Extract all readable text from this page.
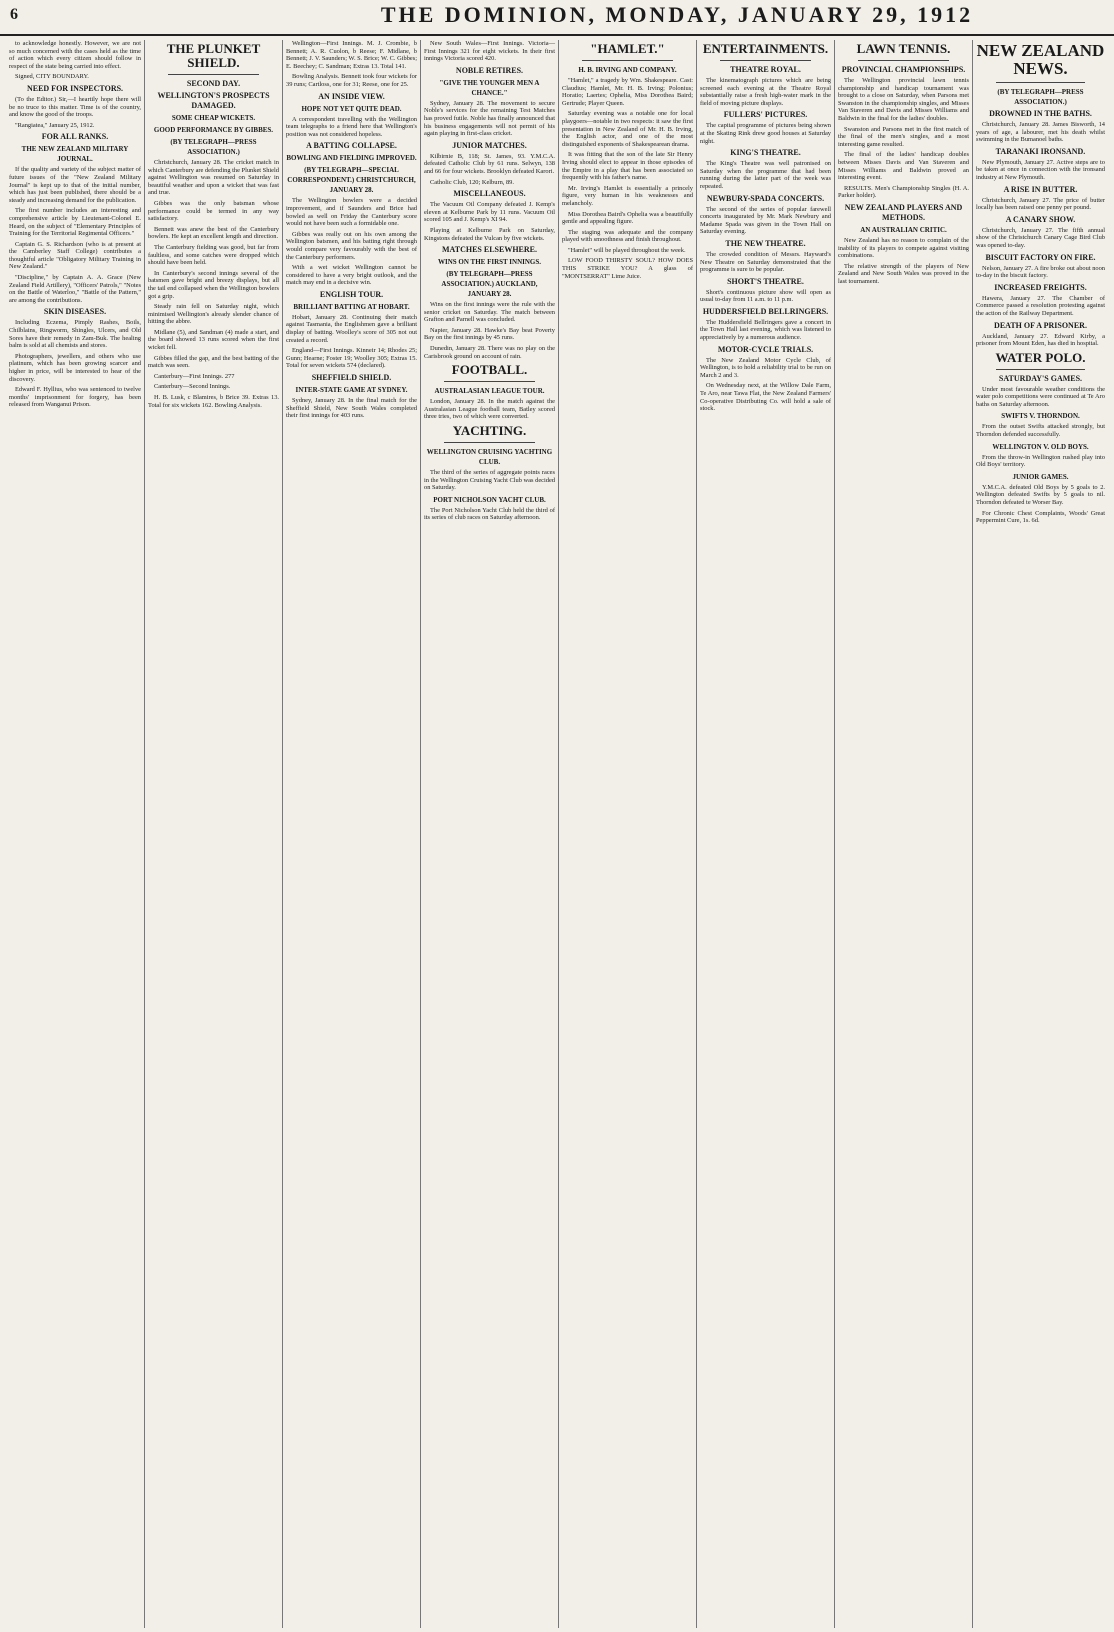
6	THE DOMINION, MONDAY, JANUARY 29, 1912

to acknowledge honestly. However, we are not so much concerned with the cases held as the time of action which every citizen should follow in respect of the state being carried into effect.

Signed, CITY BOUNDARY.

NEED FOR INSPECTORS.

(To the Editor.) Sir,—I heartily hope there will be no truce to this matter. Time is of the country, and know the good of the troops.

"Rangiatea," January 25, 1912.

FOR ALL RANKS.
THE NEW ZEALAND MILITARY JOURNAL.

If the quality and variety of the subject matter of future issues of the "New Zealand Military Journal" is kept up to that of the initial number, which has just been published, there should be a steady and increasing demand for the publication.

The first number includes an interesting and comprehensive article by Lieutenant-Colonel E. Heard, on the subject of "Elementary Principles of Training for the Territorial Regimental Officers."

Captain G. S. Richardson (who is at present at the Camberley Staff College) contributes a thoughtful article "Obligatory Military Training in New Zealand."

"Discipline," by Captain A. A. Grace (New Zealand Field Artillery), "Officers' Patrols," "Notes on the Battle of Waterloo," "Battle of the Pattern," are among the contributions.

SKIN DISEASES.

Including Eczema, Pimply Rashes, Boils, Chilblains, Ringworm, Shingles, Ulcers, and Old Sores have their remedy in Zam-Buk. The healing balm is sold at all chemists and stores.

Photographers, jewellers, and others who use platinum, which has been growing scarcer and higher in price, will be interested to hear of the discovery.

Edward F. Hyllius, who was sentenced to twelve months' imprisonment for forgery, has been released from Wanganui Prison.

THE PLUNKET SHIELD.
SECOND DAY.
WELLINGTON'S PROSPECTS DAMAGED.
SOME CHEAP WICKETS.
GOOD PERFORMANCE BY GIBBES.
(BY TELEGRAPH—PRESS ASSOCIATION.)

Christchurch, January 28. The cricket match in which Canterbury are defending the Plunket Shield against Wellington was resumed on Saturday in beautiful weather and upon a wicket that was fast and true.

Gibbes was the only batsman whose performance could be termed in any way satisfactory.

Bennett was anew the best of the Canterbury bowlers. He kept an excellent length and direction.

The Canterbury fielding was good, but far from faultless, and some catches were dropped which should have been held.

In Canterbury's second innings several of the batsmen gave bright and breezy displays, but all the tail end collapsed when the Wellington bowlers got a grip.

Steady rain fell on Saturday night, which minimised Wellington's already slender chance of hitting the abbre.

Midlane (5), and Sandman (4) made a start, and the board showed 13 runs scored when the first wicket fell.

Gibbes filled the gap, and the best batting of the match was seen.

Canterbury—First Innings. 277

Canterbury—Second Innings.

H. B. Lusk, c Blamires, b Brice 39. Extras 13. Total for six wickets 162. Bowling Analysis.

Wellington—First Innings. M. J. Crombie, b Bennett; A. R. Cuolon, b Reese; F. Midlane, b Bennett; J. V. Saunders; W. S. Brice; W. C. Gibbes; E. Beechey; C. Sandman; Extras 13. Total 141.

Bowling Analysis. Bennett took four wickets for 39 runs; Cartloss, one for 31; Reese, one for 25.

AN INSIDE VIEW.
HOPE NOT YET QUITE DEAD.

A correspondent travelling with the Wellington team telegraphs to a friend here that Wellington's position was not considered hopeless.

A BATTING COLLAPSE.
BOWLING AND FIELDING IMPROVED.
(BY TELEGRAPH—SPECIAL CORRESPONDENT.) CHRISTCHURCH, JANUARY 28.

The Wellington bowlers were a decided improvement, and if Saunders and Brice had bowled as well on Friday the Canterbury score would not have been such a formidable one.

Gibbes was really out on his own among the Wellington batsmen, and his batting right through would compare very favourably with the best of the Canterbury performers.

With a wet wicket Wellington cannot be considered to have a very bright outlook, and the match may end in a decisive win.

ENGLISH TOUR.
BRILLIANT BATTING AT HOBART.

Hobart, January 28. Continuing their match against Tasmania, the Englishmen gave a brilliant display of batting. Woolley's score of 305 not out created a record.

England—First Innings. Kinneir 14; Rhodes 25; Gunn; Hearne; Foster 19; Woolley 305; Extras 15. Total for seven wickets 574 (declared).

SHEFFIELD SHIELD.
INTER-STATE GAME AT SYDNEY.

Sydney, January 28. In the final match for the Sheffield Shield, New South Wales completed their first innings for 403 runs.

New South Wales—First Innings. Victoria—First Innings 321 for eight wickets. In their first innings Victoria scored 420.

NOBLE RETIRES.
"GIVE THE YOUNGER MEN A CHANCE."

Sydney, January 28. The movement to secure Noble's services for the remaining Test Matches has proved futile. Noble has finally announced that his business engagements will not permit of his again playing in first-class cricket.

JUNIOR MATCHES.

Kilbirnie B, 118; St. James, 93. Y.M.C.A. defeated Catholic Club by 61 runs. Selwyn, 138 and 66 for four wickets. Brooklyn defeated Karori.

Catholic Club, 120; Kelburn, 89.

MISCELLANEOUS.

The Vacuum Oil Company defeated J. Kemp's eleven at Kelburne Park by 11 runs. Vacuum Oil scored 105 and J. Kemp's XI 94.

Playing at Kelburne Park on Saturday, Kingstons defeated the Vulcan by five wickets.

MATCHES ELSEWHERE.
WINS ON THE FIRST INNINGS.
(BY TELEGRAPH—PRESS ASSOCIATION.) AUCKLAND, JANUARY 28.

Wins on the first innings were the rule with the senior cricket on Saturday. The match between Grafton and Parnell was concluded.

Napier, January 28. Hawke's Bay beat Poverty Bay on the first innings by 45 runs.

Dunedin, January 28. There was no play on the Carisbrook ground on account of rain.

FOOTBALL.
AUSTRALASIAN LEAGUE TOUR.

London, January 28. In the match against the Australasian League football team, Batley scored three tries, two of which were converted.

YACHTING.
WELLINGTON CRUISING YACHTING CLUB.

The third of the series of aggregate points races in the Wellington Cruising Yacht Club was decided on Saturday.

PORT NICHOLSON YACHT CLUB.

The Port Nicholson Yacht Club held the third of its series of club races on Saturday afternoon.

"HAMLET."
H. B. IRVING AND COMPANY.

"Hamlet," a tragedy by Wm. Shakespeare. Cast: Claudius; Hamlet, Mr. H. B. Irving; Polonius; Horatio; Laertes; Ophelia, Miss Dorothea Baird; Gertrude; Player Queen.

Saturday evening was a notable one for local playgoers—notable in two respects: it saw the first presentation in New Zealand of Mr. H. B. Irving, the English actor, and one of the most distinguished exponents of Shakespearean drama.

It was fitting that the son of the late Sir Henry Irving should elect to appear in those episodes of the Empire in a play that has been associated so frequently with his father's name.

Mr. Irving's Hamlet is essentially a princely figure, very human in his weaknesses and melancholy.

Miss Dorothea Baird's Ophelia was a beautifully gentle and appealing figure.

The staging was adequate and the company played with smoothness and finish throughout.

"Hamlet" will be played throughout the week.

LOW FOOD THIRSTY SOUL? HOW DOES THIS STRIKE YOU? A glass of "MONTSERRAT" Lime Juice.

ENTERTAINMENTS.
THEATRE ROYAL.

The kinematograph pictures which are being screened each evening at the Theatre Royal substantially raise a fresh high-water mark in the field of moving picture displays.

FULLERS' PICTURES.

The capital programme of pictures being shown at the Skating Rink drew good houses at Saturday night.

KING'S THEATRE.

The King's Theatre was well patronised on Saturday when the programme that had been running during the latter part of the week was repeated.

NEWBURY-SPADA CONCERTS.

The second of the series of popular farewell concerts inaugurated by Mr. Mark Newbury and Madame Spada was given in the Town Hall on Saturday evening.

THE NEW THEATRE.

The crowded condition of Messrs. Hayward's New Theatre on Saturday demonstrated that the programme is sure to be popular.

SHORT'S THEATRE.

Short's continuous picture show will open as usual to-day from 11 a.m. to 11 p.m.

HUDDERSFIELD BELLRINGERS.

The Huddersfield Bellringers gave a concert in the Town Hall last evening, which was listened to appreciatively by a numerous audience.

MOTOR-CYCLE TRIALS.

The New Zealand Motor Cycle Club, of Wellington, is to hold a reliability trial to be run on March 2 and 3.

On Wednesday next, at the Willow Dale Farm, Te Aro, near Tawa Flat, the New Zealand Farmers' Co-operative Distributing Co. will hold a sale of stock.

LAWN TENNIS.
PROVINCIAL CHAMPIONSHIPS.

The Wellington provincial lawn tennis championship and handicap tournament was brought to a close on Saturday, when Parsons met Swanston in the championship singles, and Misses Van Staveren and Davis and Misses Williams and Baldwin in the final for the ladies' doubles.

Swanston and Parsons met in the first match of the final of the men's singles, and a most interesting game resulted.

The final of the ladies' handicap doubles between Misses Davis and Van Staveren and Misses Williams and Baldwin proved an interesting event.

RESULTS. Men's Championship Singles (H. A. Parker holder).

NEW ZEALAND PLAYERS AND METHODS.
AN AUSTRALIAN CRITIC.

New Zealand has no reason to complain of the inability of its players to compete against visiting combinations.

The relative strength of the players of New Zealand and New South Wales was proved in the last tournament.

NEW ZEALAND NEWS.
(BY TELEGRAPH—PRESS ASSOCIATION.)
DROWNED IN THE BATHS.

Christchurch, January 28. James Bisworth, 14 years of age, a labourer, met his death whilst swimming in the Bumanoel baths.

TARANAKI IRONSAND.

New Plymouth, January 27. Active steps are to be taken at once in connection with the ironsand industry at New Plymouth.

A RISE IN BUTTER.

Christchurch, January 27. The price of butter locally has been raised one penny per pound.

A CANARY SHOW.

Christchurch, January 27. The fifth annual show of the Christchurch Canary Cage Bird Club was opened to-day.

BISCUIT FACTORY ON FIRE.

Nelson, January 27. A fire broke out about noon to-day in the biscuit factory.

INCREASED FREIGHTS.

Hawera, January 27. The Chamber of Commerce passed a resolution protesting against the action of the Railway Department.

DEATH OF A PRISONER.

Auckland, January 27. Edward Kirby, a prisoner from Mount Eden, has died in hospital.

WATER POLO.
SATURDAY'S GAMES.

Under most favourable weather conditions the water polo competitions were continued at Te Aro baths on Saturday afternoon.

SWIFTS V. THORNDON.

From the outset Swifts attacked strongly, but Thorndon defended successfully.

WELLINGTON V. OLD BOYS.

From the throw-in Wellington rushed play into Old Boys' territory.

JUNIOR GAMES.

Y.M.C.A. defeated Old Boys by 5 goals to 2. Wellington defeated Swifts by 5 goals to nil. Thorndon defeated te Worser Bay.

For Chronic Chest Complaints, Woods' Great Peppermint Cure, 1s. 6d.
